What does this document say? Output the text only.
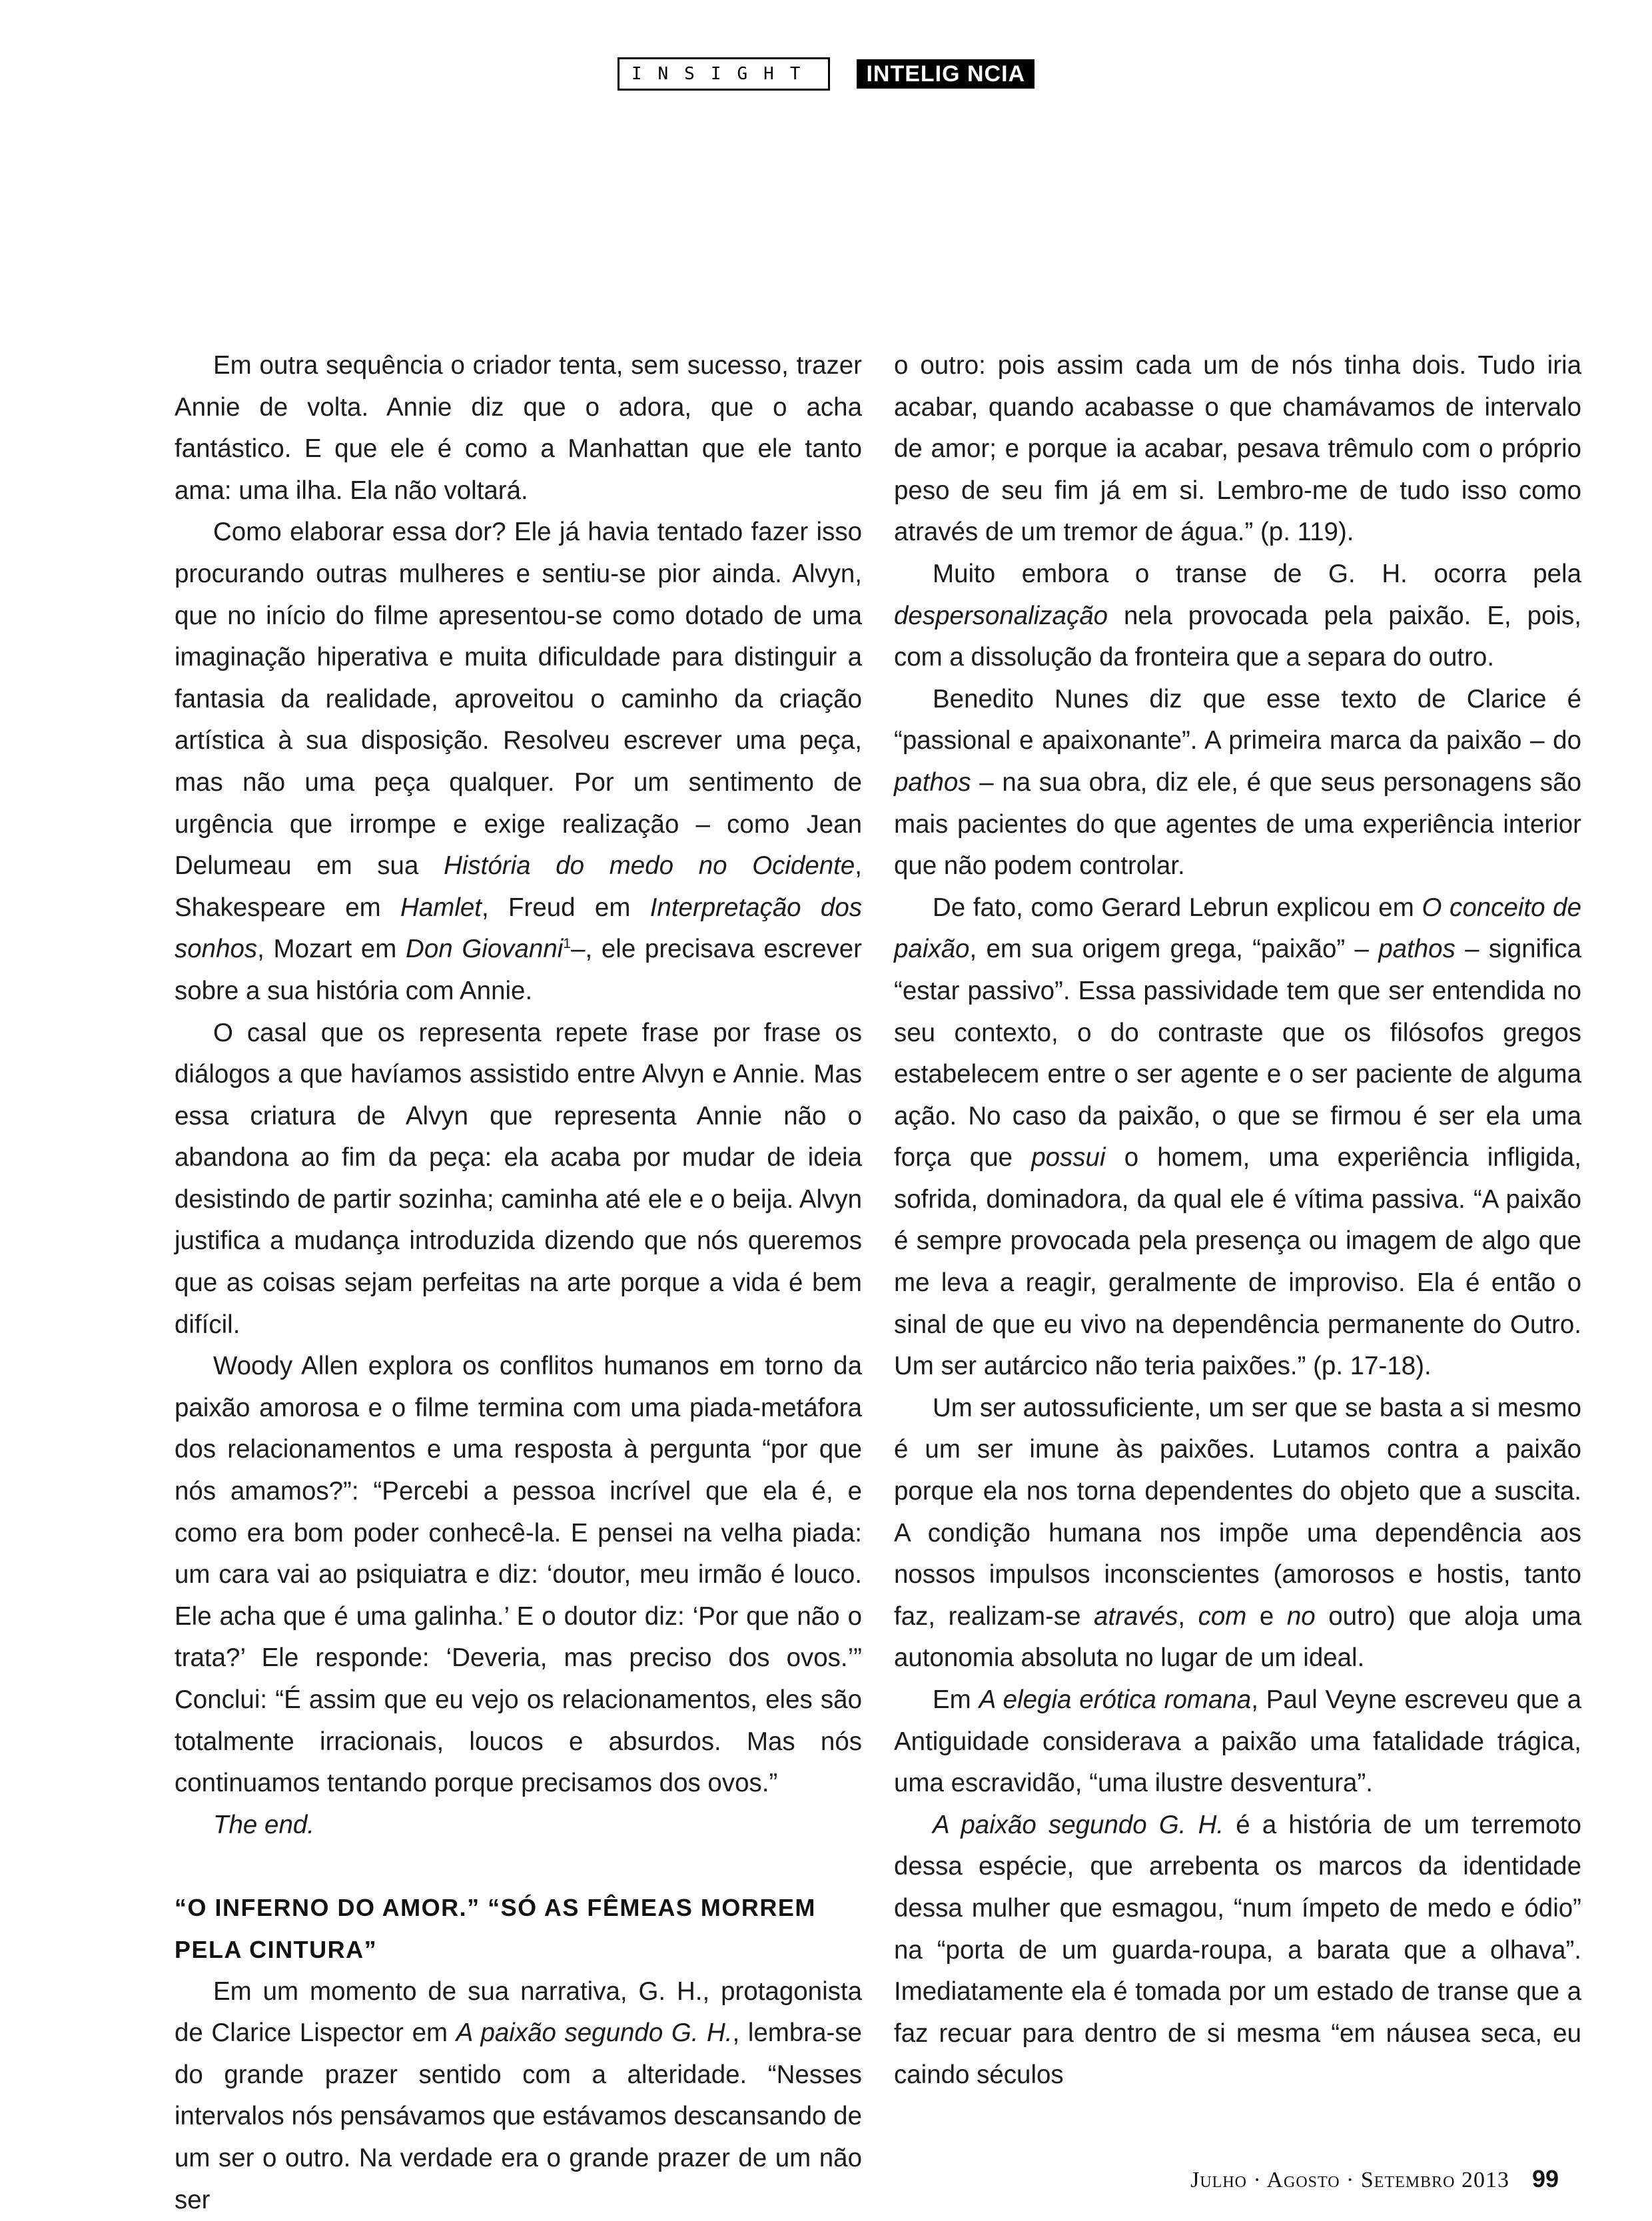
INSIGHT	INTELIG NCIA

Em outra sequência o criador tenta, sem sucesso, trazer Annie de volta. Annie diz que o adora, que o acha fantástico. E que ele é como a Manhattan que ele tanto ama: uma ilha. Ela não voltará.

Como elaborar essa dor? Ele já havia tentado fazer isso procurando outras mulheres e sentiu-se pior ainda. Alvyn, que no início do filme apresentou-se como dotado de uma imaginação hiperativa e muita dificuldade para distinguir a fantasia da realidade, aproveitou o caminho da criação artística à sua disposição. Resolveu escrever uma peça, mas não uma peça qualquer. Por um sentimento de urgência que irrompe e exige realização – como Jean Delumeau em sua História do medo no Ocidente, Shakespeare em Hamlet, Freud em Interpretação dos sonhos, Mozart em Don Giovanni$^1$–, ele precisava escrever sobre a sua história com Annie.

O casal que os representa repete frase por frase os diálogos a que havíamos assistido entre Alvyn e Annie. Mas essa criatura de Alvyn que representa Annie não o abandona ao fim da peça: ela acaba por mudar de ideia desistindo de partir sozinha; caminha até ele e o beija. Alvyn justifica a mudança introduzida dizendo que nós queremos que as coisas sejam perfeitas na arte porque a vida é bem difícil.

Woody Allen explora os conflitos humanos em torno da paixão amorosa e o filme termina com uma piada-metáfora dos relacionamentos e uma resposta à pergunta “por que nós amamos?”: “Percebi a pessoa incrível que ela é, e como era bom poder conhecê-la. E pensei na velha piada: um cara vai ao psiquiatra e diz: ‘doutor, meu irmão é louco. Ele acha que é uma galinha.’ E o doutor diz: ‘Por que não o trata?’ Ele responde: ‘Deveria, mas preciso dos ovos.’” Conclui: “É assim que eu vejo os relacionamentos, eles são totalmente irracionais, loucos e absurdos. Mas nós continuamos tentando porque precisamos dos ovos.”

The end.

“O INFERNO DO AMOR.” “SÓ AS FÊMEAS MORREM PELA CINTURA”

Em um momento de sua narrativa, G. H., protagonista de Clarice Lispector em A paixão segundo G. H., lembra-se do grande prazer sentido com a alteridade. “Nesses intervalos nós pensávamos que estávamos descansando de um ser o outro. Na verdade era o grande prazer de um não ser

o outro: pois assim cada um de nós tinha dois. Tudo iria acabar, quando acabasse o que chamávamos de intervalo de amor; e porque ia acabar, pesava trêmulo com o próprio peso de seu fim já em si. Lembro-me de tudo isso como através de um tremor de água.” (p. 119).

Muito embora o transe de G. H. ocorra pela despersonalização nela provocada pela paixão. E, pois, com a dissolução da fronteira que a separa do outro.

Benedito Nunes diz que esse texto de Clarice é “passional e apaixonante”. A primeira marca da paixão – do pathos – na sua obra, diz ele, é que seus personagens são mais pacientes do que agentes de uma experiência interior que não podem controlar.

De fato, como Gerard Lebrun explicou em O conceito de paixão, em sua origem grega, “paixão” – pathos – significa “estar passivo”. Essa passividade tem que ser entendida no seu contexto, o do contraste que os filósofos gregos estabelecem entre o ser agente e o ser paciente de alguma ação. No caso da paixão, o que se firmou é ser ela uma força que possui o homem, uma experiência infligida, sofrida, dominadora, da qual ele é vítima passiva. “A paixão é sempre provocada pela presença ou imagem de algo que me leva a reagir, geralmente de improviso. Ela é então o sinal de que eu vivo na dependência permanente do Outro. Um ser autárcico não teria paixões.” (p. 17-18).

Um ser autossuficiente, um ser que se basta a si mesmo é um ser imune às paixões. Lutamos contra a paixão porque ela nos torna dependentes do objeto que a suscita. A condição humana nos impõe uma dependência aos nossos impulsos inconscientes (amorosos e hostis, tanto faz, realizam-se através, com e no outro) que aloja uma autonomia absoluta no lugar de um ideal.

Em A elegia erótica romana, Paul Veyne escreveu que a Antiguidade considerava a paixão uma fatalidade trágica, uma escravidão, “uma ilustre desventura”.

A paixão segundo G. H. é a história de um terremoto dessa espécie, que arrebenta os marcos da identidade dessa mulher que esmagou, “num ímpeto de medo e ódio” na “porta de um guarda-roupa, a barata que a olhava”. Imediatamente ela é tomada por um estado de transe que a faz recuar para dentro de si mesma “em náusea seca, eu caindo séculos

Julho · Agosto · Setembro 2013 99
